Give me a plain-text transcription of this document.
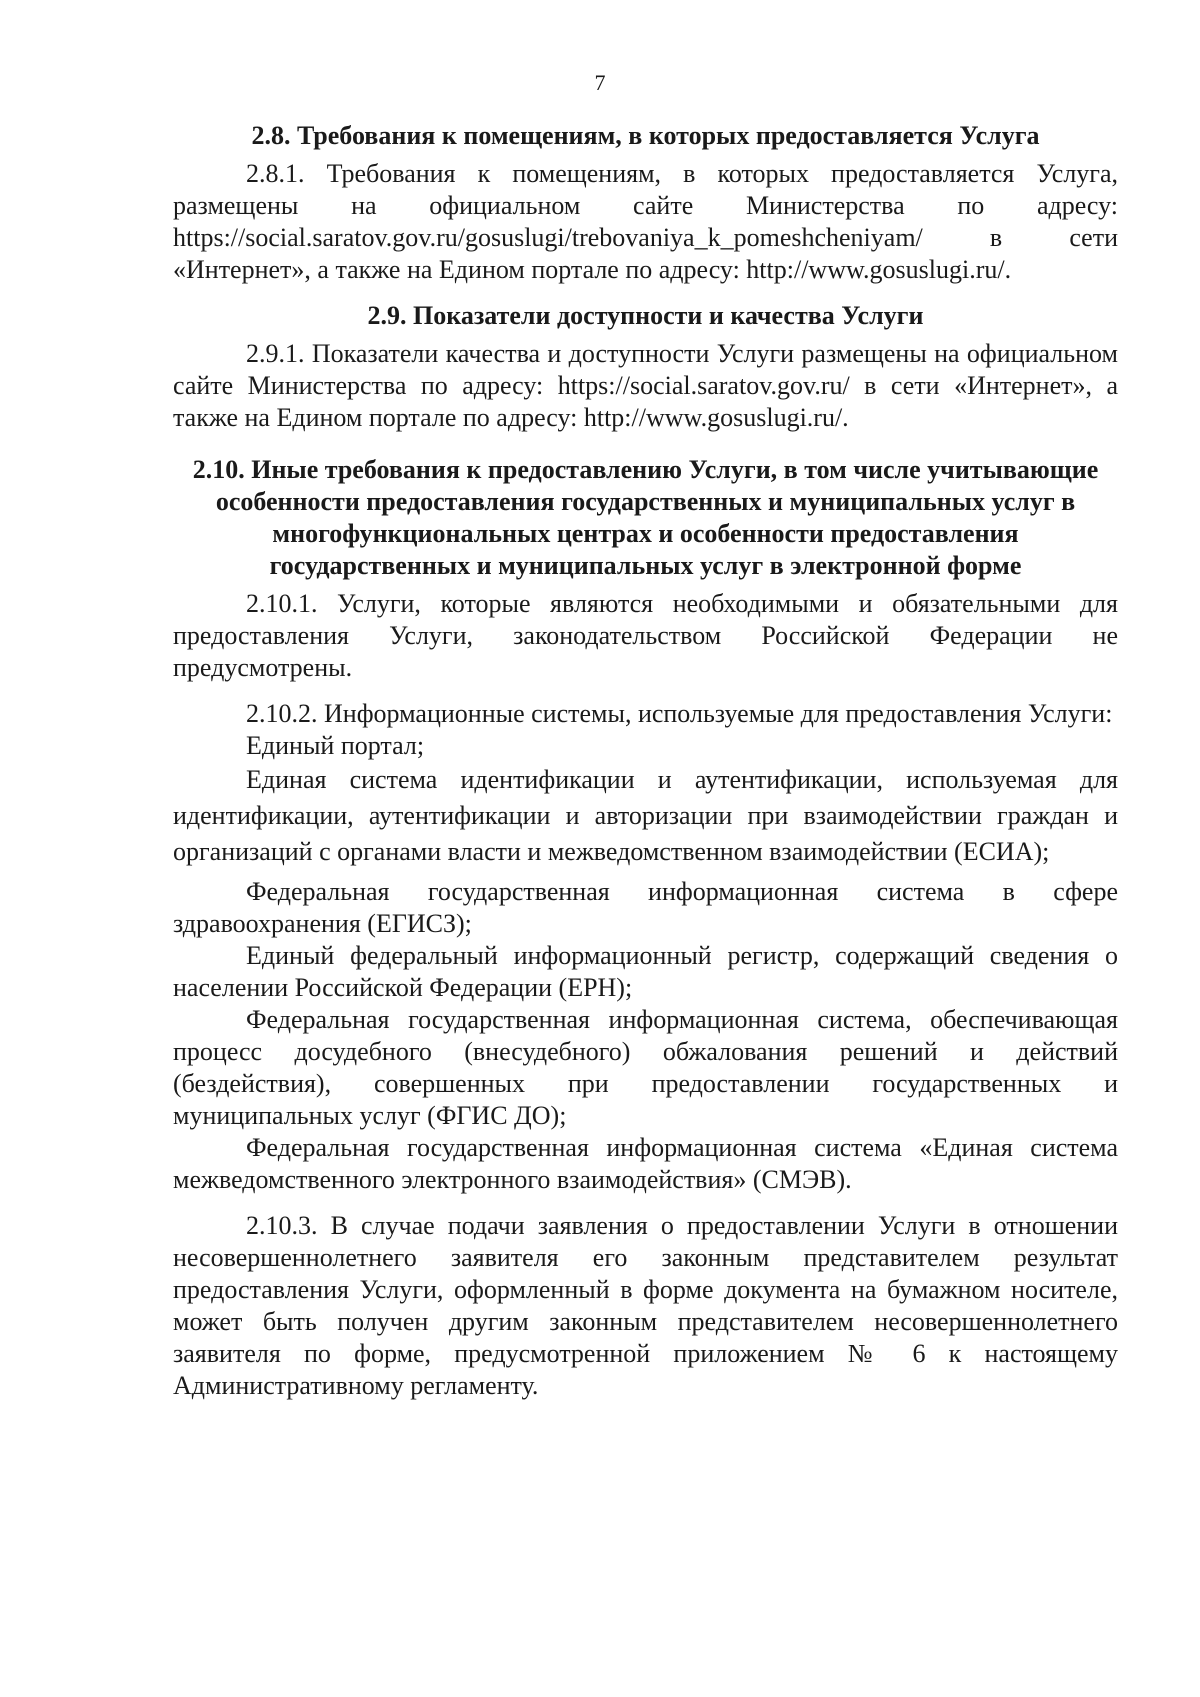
7

2.8. Требования к помещениям, в которых предоставляется Услуга

2.8.1. Требования к помещениям, в которых предоставляется Услуга, размещены на официальном сайте Министерства по адресу: https://social.saratov.gov.ru/gosuslugi/trebovaniya_k_pomeshcheniyam/ в сети «Интернет», а также на Едином портале по адресу: http://www.gosuslugi.ru/.

2.9. Показатели доступности и качества Услуги

2.9.1. Показатели качества и доступности Услуги размещены на официальном сайте Министерства по адресу: https://social.saratov.gov.ru/ в сети «Интернет», а также на Едином портале по адресу: http://www.gosuslugi.ru/.

2.10. Иные требования к предоставлению Услуги, в том числе учитывающие особенности предоставления государственных и муниципальных услуг в многофункциональных центрах и особенности предоставления государственных и муниципальных услуг в электронной форме

2.10.1. Услуги, которые являются необходимыми и обязательными для предоставления Услуги, законодательством Российской Федерации не предусмотрены.

2.10.2. Информационные системы, используемые для предоставления Услуги:

Единый портал;

Единая система идентификации и аутентификации, используемая для идентификации, аутентификации и авторизации при взаимодействии граждан и организаций с органами власти и межведомственном взаимодействии (ЕСИА);

Федеральная государственная информационная система в сфере здравоохранения (ЕГИСЗ);

Единый федеральный информационный регистр, содержащий сведения о населении Российской Федерации (ЕРН);

Федеральная государственная информационная система, обеспечивающая процесс досудебного (внесудебного) обжалования решений и действий (бездействия), совершенных при предоставлении государственных и муниципальных услуг (ФГИС ДО);

Федеральная государственная информационная система «Единая система межведомственного электронного взаимодействия» (СМЭВ).

2.10.3. В случае подачи заявления о предоставлении Услуги в отношении несовершеннолетнего заявителя его законным представителем результат предоставления Услуги, оформленный в форме документа на бумажном носителе, может быть получен другим законным представителем несовершеннолетнего заявителя по форме, предусмотренной приложением № 6 к настоящему Административному регламенту.
